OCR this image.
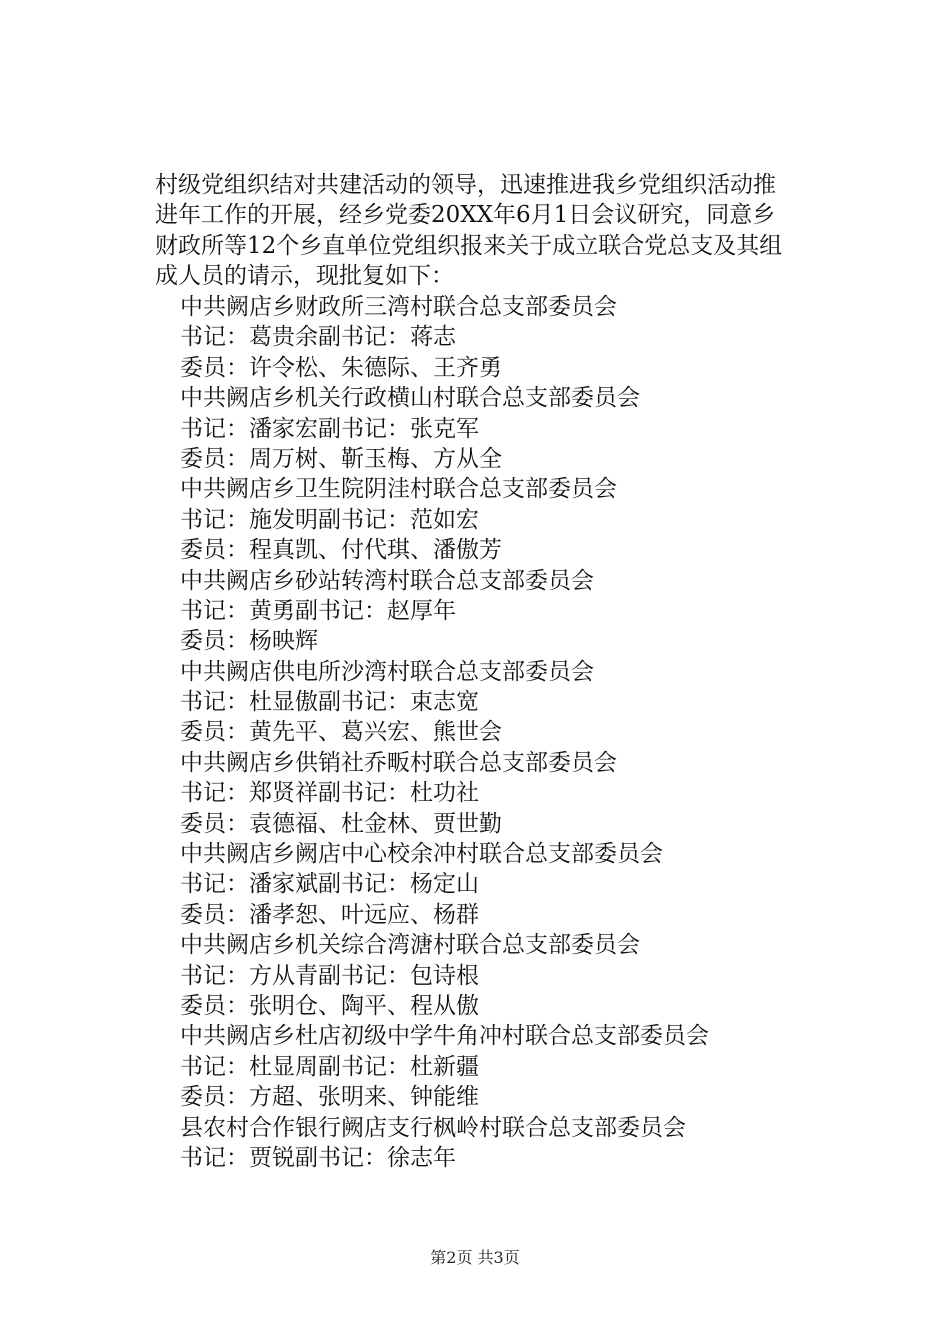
村级党组织结对共建活动的领导，迅速推进我乡党组织活动推

进年工作的开展，经乡党委20XX年6月1日会议研究，同意乡

财政所等12个乡直单位党组织报来关于成立联合党总支及其组

成人员的请示，现批复如下：

中共阙店乡财政所三湾村联合总支部委员会
书记：葛贵余副书记：蒋志
委员：许令松、朱德际、王齐勇
中共阙店乡机关行政横山村联合总支部委员会
书记：潘家宏副书记：张克军
委员：周万树、靳玉梅、方从全
中共阙店乡卫生院阴洼村联合总支部委员会
书记：施发明副书记：范如宏
委员：程真凯、付代琪、潘傲芳
中共阙店乡砂站转湾村联合总支部委员会
书记：黄勇副书记：赵厚年
委员：杨映辉
中共阙店供电所沙湾村联合总支部委员会
书记：杜显傲副书记：束志宽
委员：黄先平、葛兴宏、熊世会
中共阙店乡供销社乔畈村联合总支部委员会
书记：郑贤祥副书记：杜功社
委员：袁德福、杜金林、贾世勤
中共阙店乡阙店中心校余冲村联合总支部委员会
书记：潘家斌副书记：杨定山
委员：潘孝恕、叶远应、杨群
中共阙店乡机关综合湾溏村联合总支部委员会
书记：方从青副书记：包诗根
委员：张明仓、陶平、程从傲
中共阙店乡杜店初级中学牛角冲村联合总支部委员会
书记：杜显周副书记：杜新疆
委员：方超、张明来、钟能维
县农村合作银行阙店支行枫岭村联合总支部委员会
书记：贾锐副书记：徐志年
第2页 共3页
